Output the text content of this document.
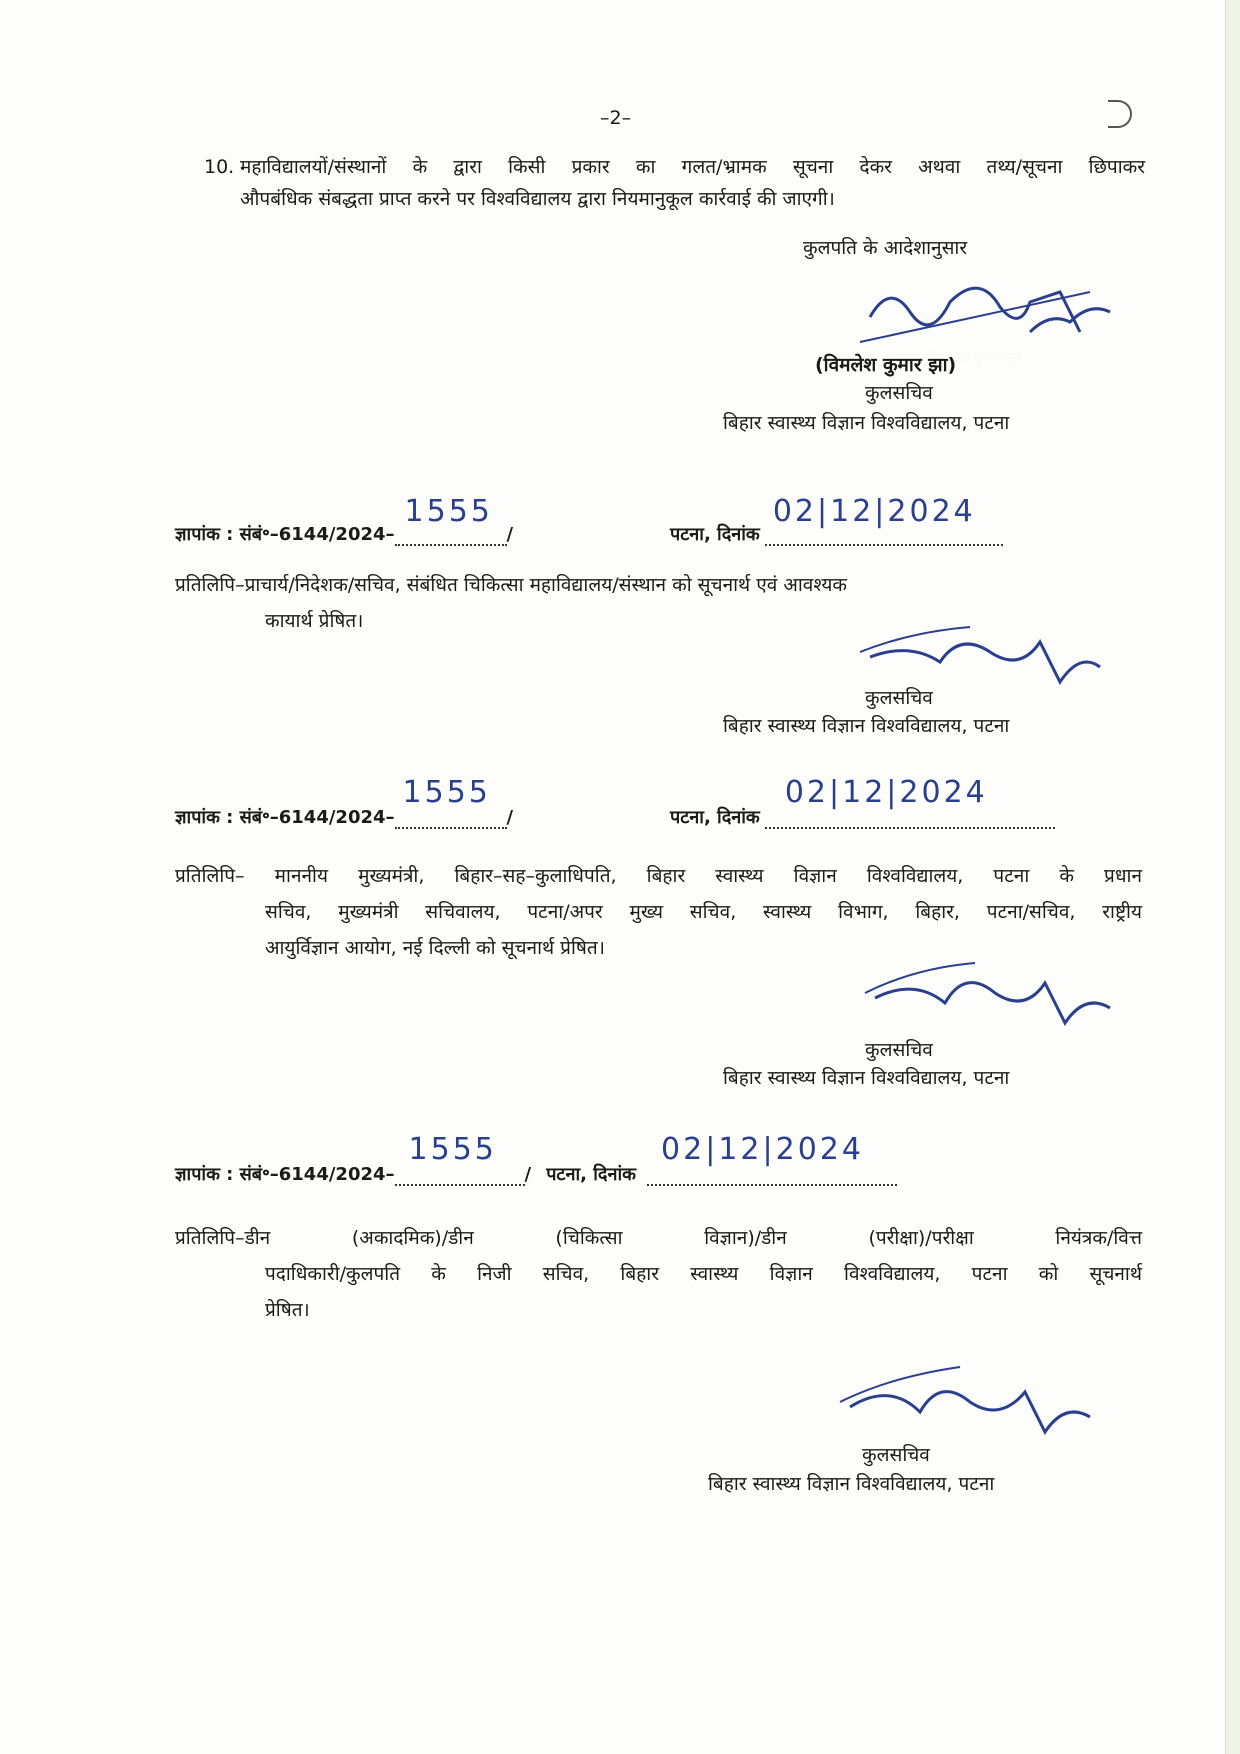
–2–
10. महाविद्यालयों/संस्थानों के द्वारा किसी प्रकार का गलत/भ्रामक सूचना देकर अथवा तथ्य/सूचना छिपाकर
औपबंधिक संबद्धता प्राप्त करने पर विश्वविद्यालय द्वारा नियमानुकूल कार्रवाई की जाएगी।
कुलपति के आदेशानुसार
(विमलेश कुमार झा)
कुलसचिव
बिहार स्वास्थ्य विज्ञान विश्वविद्यालय, पटना
ज्ञापांक : संबं॰–6144/2024–
1555
/	पटना, दिनांक
02|12|2024
प्रतिलिपि–प्राचार्य/निदेशक/सचिव, संबंधित चिकित्सा महाविद्यालय/संस्थान को सूचनार्थ एवं आवश्यक
कायार्थ प्रेषित।
कुलसचिव
बिहार स्वास्थ्य विज्ञान विश्वविद्यालय, पटना
ज्ञापांक : संबं॰–6144/2024–
1555
/	पटना, दिनांक
02|12|2024
प्रतिलिपि– माननीय मुख्यमंत्री, बिहार–सह–कुलाधिपति, बिहार स्वास्थ्य विज्ञान विश्वविद्यालय, पटना के प्रधान
सचिव, मुख्यमंत्री सचिवालय, पटना/अपर मुख्य सचिव, स्वास्थ्य विभाग, बिहार, पटना/सचिव, राष्ट्रीय
आयुर्विज्ञान आयोग, नई दिल्ली को सूचनार्थ प्रेषित।
कुलसचिव
बिहार स्वास्थ्य विज्ञान विश्वविद्यालय, पटना
ज्ञापांक : संबं॰–6144/2024–
1555
/ पटना, दिनांक
02|12|2024
प्रतिलिपि–डीन (अकादमिक)/डीन (चिकित्सा विज्ञान)/डीन (परीक्षा)/परीक्षा नियंत्रक/वित्त
पदाधिकारी/कुलपति के निजी सचिव, बिहार स्वास्थ्य विज्ञान विश्वविद्यालय, पटना को सूचनार्थ
प्रेषित।
कुलसचिव
बिहार स्वास्थ्य विज्ञान विश्वविद्यालय, पटना
